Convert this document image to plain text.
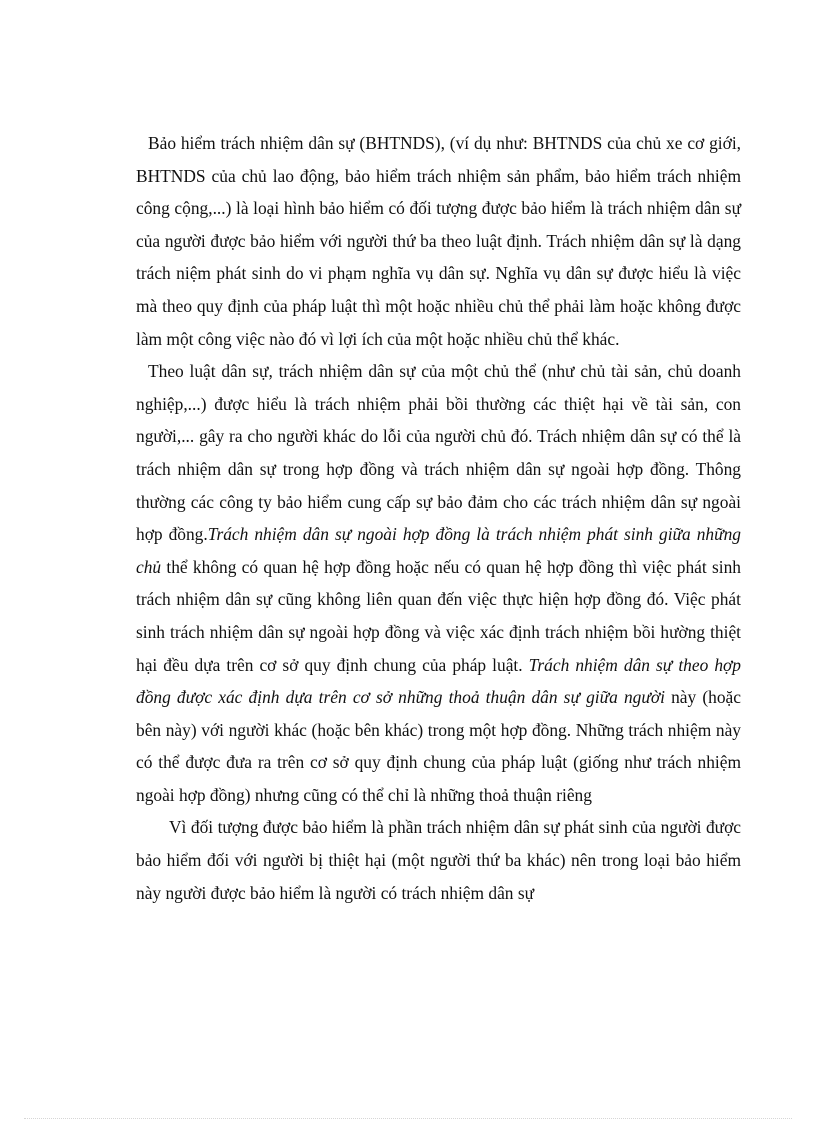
Bảo hiểm trách nhiệm dân sự (BHTNDS), (ví dụ như: BHTNDS của chủ xe cơ giới, BHTNDS của chủ lao động, bảo hiểm trách nhiệm sản phẩm, bảo hiểm trách nhiệm công cộng,...) là loại hình bảo hiểm có đối tượng được bảo hiểm là trách nhiệm dân sự của người được bảo hiểm với người thứ ba theo luật định. Trách nhiệm dân sự là dạng trách niệm phát sinh do vi phạm nghĩa vụ dân sự. Nghĩa vụ dân sự được hiểu là việc mà theo quy định của pháp luật thì một hoặc nhiều chủ thể phải làm hoặc không được làm một công việc nào đó vì lợi ích của một hoặc nhiều chủ thể khác.

Theo luật dân sự, trách nhiệm dân sự của một chủ thể (như chủ tài sản, chủ doanh nghiệp,...) được hiểu là trách nhiệm phải bồi thường các thiệt hại về tài sản, con người,... gây ra cho người khác do lỗi của người chủ đó. Trách nhiệm dân sự có thể là trách nhiệm dân sự trong hợp đồng và trách nhiệm dân sự ngoài hợp đồng. Thông thường các công ty bảo hiểm cung cấp sự bảo đảm cho các trách nhiệm dân sự ngoài hợp đồng.Trách nhiệm dân sự ngoài hợp đồng là trách nhiệm phát sinh giữa những chủ thể không có quan hệ hợp đồng hoặc nếu có quan hệ hợp đồng thì việc phát sinh trách nhiệm dân sự cũng không liên quan đến việc thực hiện hợp đồng đó. Việc phát sinh trách nhiệm dân sự ngoài hợp đồng và việc xác định trách nhiệm bồi hường thiệt hại đều dựa trên cơ sở quy định chung của pháp luật. Trách nhiệm dân sự theo hợp đồng được xác định dựa trên cơ sở những thoả thuận dân sự giữa người này (hoặc bên này) với người khác (hoặc bên khác) trong một hợp đồng. Những trách nhiệm này có thể được đưa ra trên cơ sở quy định chung của pháp luật (giống như trách nhiệm ngoài hợp đồng) nhưng cũng có thể chỉ là những thoả thuận riêng

Vì đối tượng được bảo hiểm là phần trách nhiệm dân sự phát sinh của người được bảo hiểm đối với người bị thiệt hại (một người thứ ba khác) nên trong loại bảo hiểm này người được bảo hiểm là người có trách nhiệm dân sự
